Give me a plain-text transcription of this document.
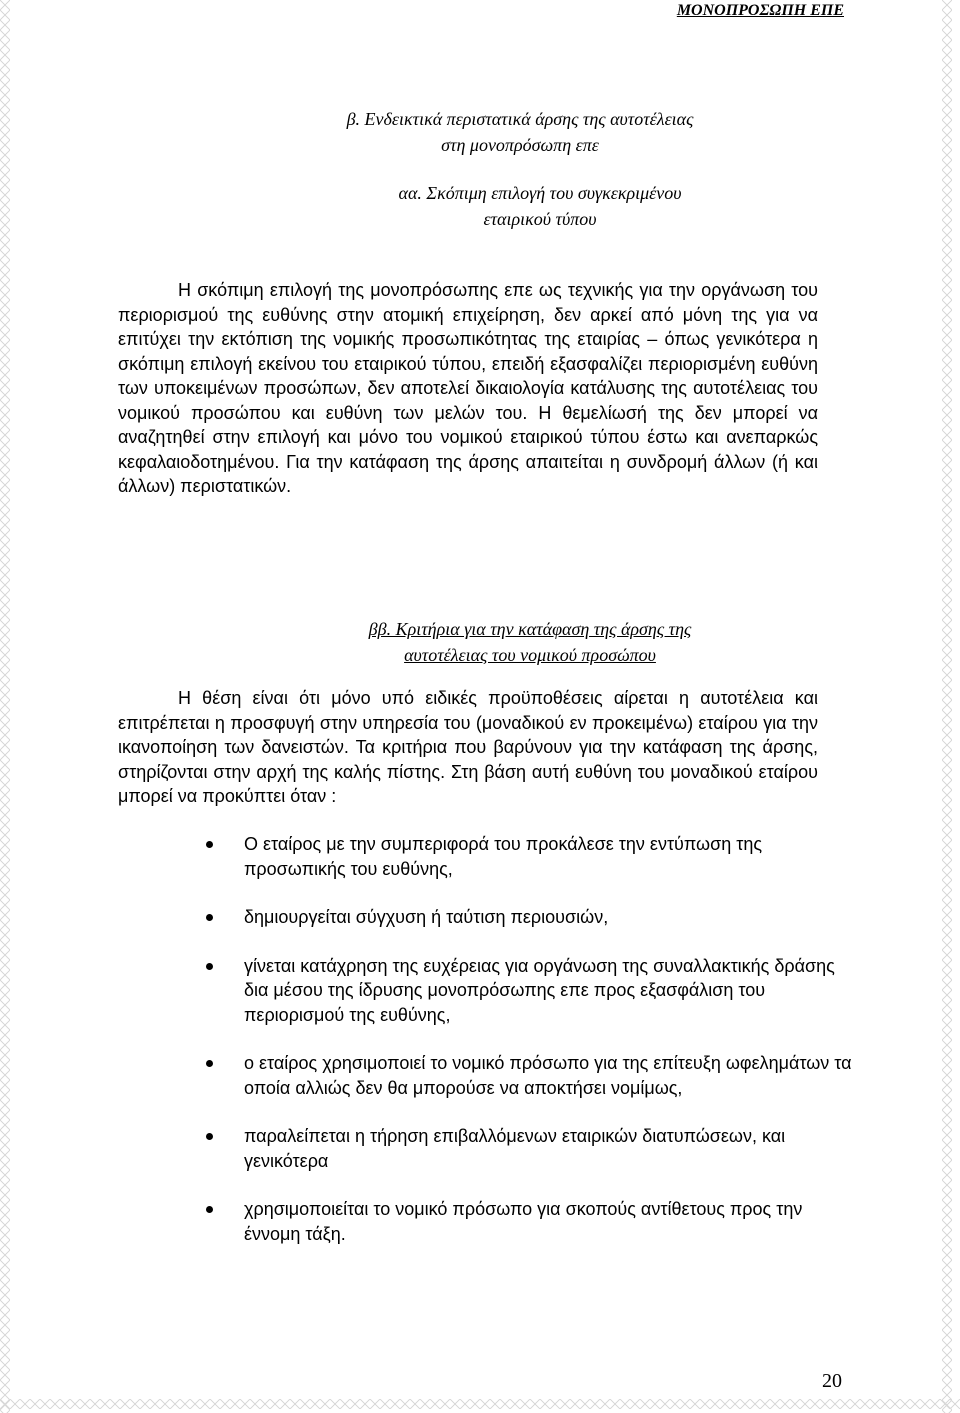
ΜΟΝΟΠΡΟΣΩΠΗ ΕΠΕ
β. Ενδεικτικά περιστατικά άρσης της αυτοτέλειας
στη μονοπρόσωπη επε
αα. Σκόπιμη επιλογή του συγκεκριμένου
εταιρικού τύπου
Η σκόπιμη επιλογή της μονοπρόσωπης επε ως τεχνικής για την οργάνωση του περιορισμού της ευθύνης στην ατομική επιχείρηση, δεν αρκεί από μόνη της για να επιτύχει την εκτόπιση της νομικής προσωπικότητας της εταιρίας – όπως γενικότερα η σκόπιμη επιλογή εκείνου του εταιρικού τύπου, επειδή εξασφαλίζει περιορισμένη ευθύνη των υποκειμένων προσώπων, δεν αποτελεί δικαιολογία κατάλυσης της αυτοτέλειας του νομικού προσώπου και ευθύνη των μελών του. Η θεμελίωσή της δεν μπορεί να αναζητηθεί στην επιλογή και μόνο του νομικού εταιρικού τύπου έστω και ανεπαρκώς κεφαλαιοδοτημένου. Για την κατάφαση της άρσης απαιτείται η συνδρομή άλλων (ή και άλλων) περιστατικών.
ββ. Κριτήρια για την κατάφαση της άρσης της
αυτοτέλειας του νομικού προσώπου
Η θέση είναι ότι μόνο υπό ειδικές προϋποθέσεις αίρεται η αυτοτέλεια και επιτρέπεται η προσφυγή στην υπηρεσία του (μοναδικού εν προκειμένω) εταίρου για την ικανοποίηση των δανειστών. Τα κριτήρια που βαρύνουν για την κατάφαση της άρσης, στηρίζονται στην αρχή της καλής πίστης. Στη βάση αυτή ευθύνη του μοναδικού εταίρου μπορεί να προκύπτει όταν :
Ο εταίρος με την συμπεριφορά του προκάλεσε την εντύπωση της προσωπικής του ευθύνης,
δημιουργείται σύγχυση ή ταύτιση περιουσιών,
γίνεται κατάχρηση της ευχέρειας για οργάνωση της συναλλακτικής δράσης δια μέσου της ίδρυσης μονοπρόσωπης επε προς εξασφάλιση του περιορισμού της ευθύνης,
ο εταίρος χρησιμοποιεί το νομικό πρόσωπο για της επίτευξη ωφελημάτων τα οποία αλλιώς δεν θα μπορούσε να αποκτήσει νομίμως,
παραλείπεται η τήρηση επιβαλλόμενων εταιρικών διατυπώσεων, και γενικότερα
χρησιμοποιείται το νομικό πρόσωπο για σκοπούς αντίθετους προς την έννομη τάξη.
20
